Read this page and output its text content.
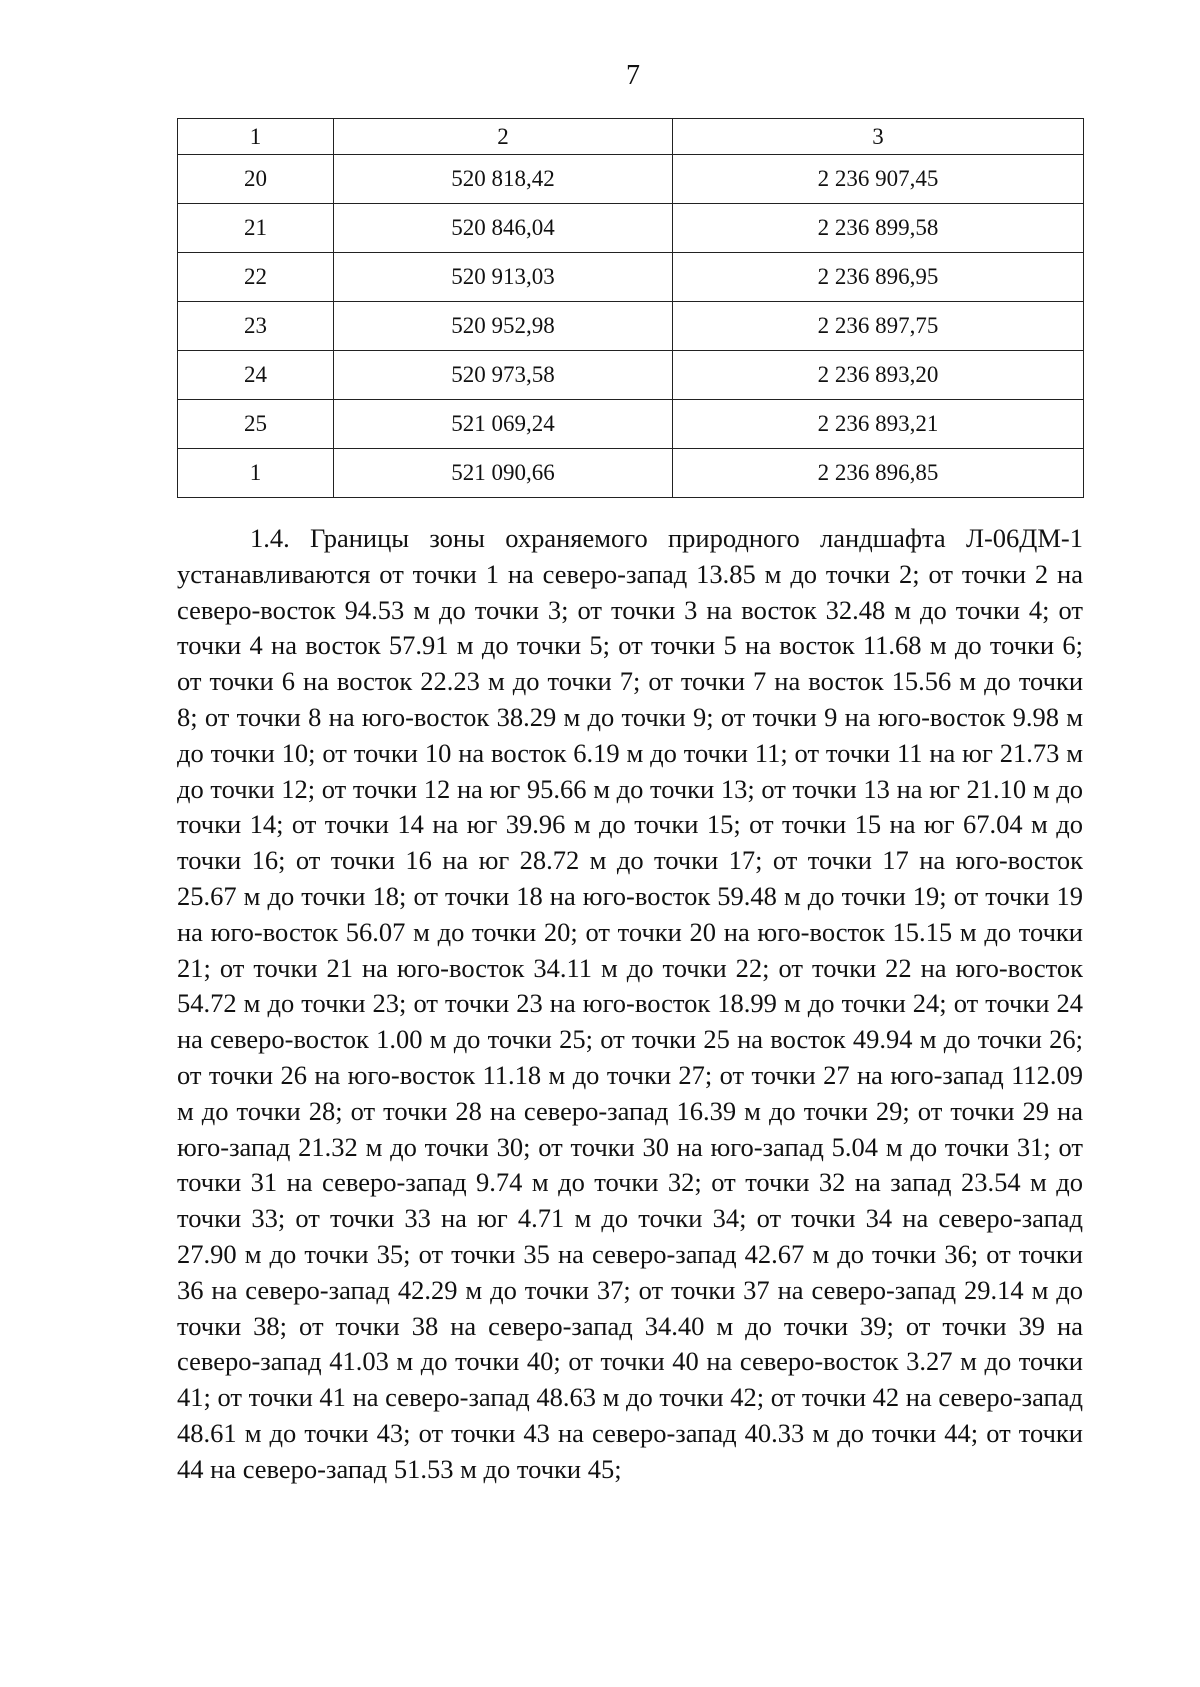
7
1	2	3
20	520 818,42	2 236 907,45
21	520 846,04	2 236 899,58
22	520 913,03	2 236 896,95
23	520 952,98	2 236 897,75
24	520 973,58	2 236 893,20
25	521 069,24	2 236 893,21
1	521 090,66	2 236 896,85

1.4. Границы зоны охраняемого природного ландшафта Л-06ДМ-1 устанавливаются от точки 1 на северо-запад 13.85 м до точки 2; от точки 2 на северо-восток 94.53 м до точки 3; от точки 3 на восток 32.48 м до точки 4; от точки 4 на восток 57.91 м до точки 5; от точки 5 на восток 11.68 м до точки 6; от точки 6 на восток 22.23 м до точки 7; от точки 7 на восток 15.56 м до точки 8; от точки 8 на юго-восток 38.29 м до точки 9; от точки 9 на юго-восток 9.98 м до точки 10; от точки 10 на восток 6.19 м до точки 11; от точки 11 на юг 21.73 м до точки 12; от точки 12 на юг 95.66 м до точки 13; от точки 13 на юг 21.10 м до точки 14; от точки 14 на юг 39.96 м до точки 15; от точки 15 на юг 67.04 м до точки 16; от точки 16 на юг 28.72 м до точки 17; от точки 17 на юго-восток 25.67 м до точки 18; от точки 18 на юго-восток 59.48 м до точки 19; от точки 19 на юго-восток 56.07 м до точки 20; от точки 20 на юго-восток 15.15 м до точки 21; от точки 21 на юго-восток 34.11 м до точки 22; от точки 22 на юго-восток 54.72 м до точки 23; от точки 23 на юго-восток 18.99 м до точки 24; от точки 24 на северо-восток 1.00 м до точки 25; от точки 25 на восток 49.94 м до точки 26; от точки 26 на юго-восток 11.18 м до точки 27; от точки 27 на юго-запад 112.09 м до точки 28; от точки 28 на северо-запад 16.39 м до точки 29; от точки 29 на юго-запад 21.32 м до точки 30; от точки 30 на юго-запад 5.04 м до точки 31; от точки 31 на северо-запад 9.74 м до точки 32; от точки 32 на запад 23.54 м до точки 33; от точки 33 на юг 4.71 м до точки 34; от точки 34 на северо-запад 27.90 м до точки 35; от точки 35 на северо-запад 42.67 м до точки 36; от точки 36 на северо-запад 42.29 м до точки 37; от точки 37 на северо-запад 29.14 м до точки 38; от точки 38 на северо-запад 34.40 м до точки 39; от точки 39 на северо-запад 41.03 м до точки 40; от точки 40 на северо-восток 3.27 м до точки 41; от точки 41 на северо-запад 48.63 м до точки 42; от точки 42 на северо-запад 48.61 м до точки 43; от точки 43 на северо-запад 40.33 м до точки 44; от точки 44 на северо-запад 51.53 м до точки 45;
